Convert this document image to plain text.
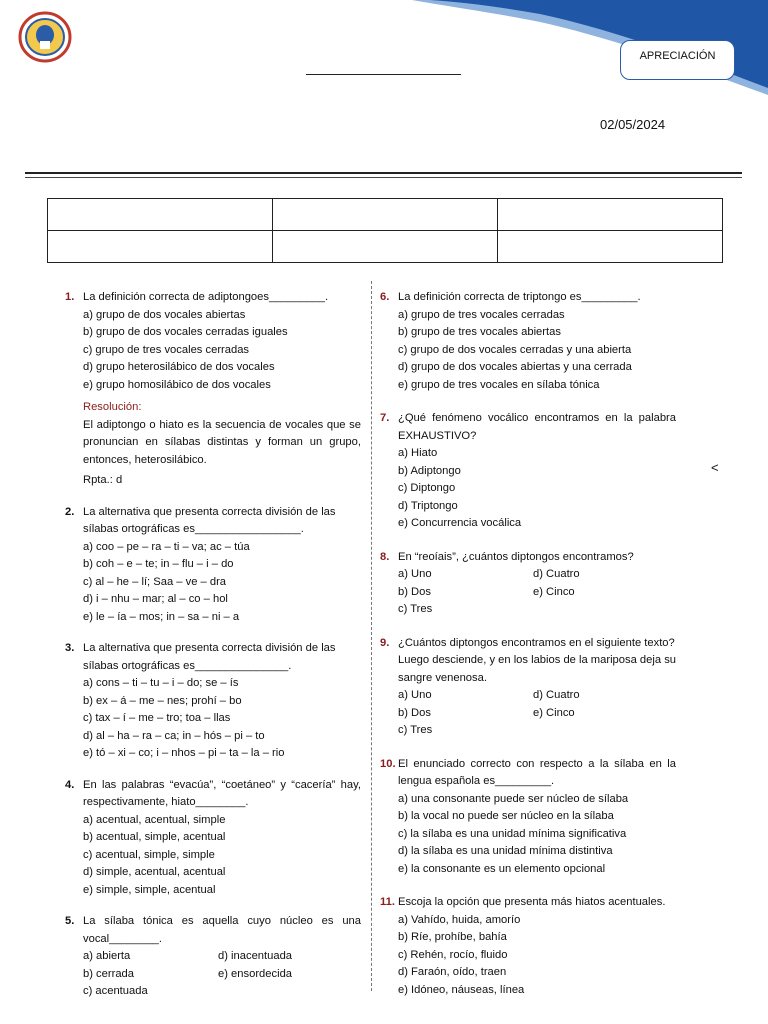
APRECIACIÓN
02/05/2024

<
1. La definición correcta de adiptongoes_________.
a) grupo de dos vocales abiertas
b) grupo de dos vocales cerradas iguales
c) grupo de tres vocales cerradas
d) grupo heterosilábico de dos vocales
e) grupo homosilábico de dos vocales
Resolución:
El adiptongo o hiato es la secuencia de vocales que se pronuncian en sílabas distintas y forman un grupo, entonces, heterosilábico.
Rpta.: d
2. La alternativa que presenta correcta división de las sílabas ortográficas es_________________.
a) coo – pe – ra – ti – va; ac – túa
b) coh – e – te; in – flu – i – do
c) al – he – lí; Saa – ve – dra
d) i – nhu – mar; al – co – hol
e) le – ía – mos; in – sa – ni – a
3. La alternativa que presenta correcta división de las sílabas ortográficas es_______________.
a) cons – ti – tu – i – do; se – ís
b) ex – á – me – nes; prohí – bo
c) tax – í – me – tro; toa – llas
d) al – ha – ra – ca; in – hós – pi – to
e) tó – xi – co; i – nhos – pi – ta – la – rio
4. En las palabras “evacúa”, “coetáneo” y “cacería” hay, respectivamente, hiato________.
a) acentual, acentual, simple
b) acentual, simple, acentual
c) acentual, simple, simple
d) simple, acentual, acentual
e) simple, simple, acentual
5. La sílaba tónica es aquella cuyo núcleo es una vocal________.
a) abierta	d) inacentuada
b) cerrada	e) ensordecida
c) acentuada
6. La definición correcta de triptongo es_________.
a) grupo de tres vocales cerradas
b) grupo de tres vocales abiertas
c) grupo de dos vocales cerradas y una abierta
d) grupo de dos vocales abiertas y una cerrada
e) grupo de tres vocales en sílaba tónica
7. ¿Qué fenómeno vocálico encontramos en la palabra EXHAUSTIVO?
a) Hiato
b) Adiptongo
c) Diptongo
d) Triptongo
e) Concurrencia vocálica
8. En “reoíais”, ¿cuántos diptongos encontramos?
a) Uno	d) Cuatro
b) Dos	e) Cinco
c) Tres
9. ¿Cuántos diptongos encontramos en el siguiente texto?
Luego desciende, y en los labios de la mariposa deja su sangre venenosa.
a) Uno	d) Cuatro
b) Dos	e) Cinco
c) Tres
10. El enunciado correcto con respecto a la sílaba en la lengua española es_________.
a) una consonante puede ser núcleo de sílaba
b) la vocal no puede ser núcleo en la sílaba
c) la sílaba es una unidad mínima significativa
d) la sílaba es una unidad mínima distintiva
e) la consonante es un elemento opcional
11. Escoja la opción que presenta más hiatos acentuales.
a) Vahído, huida, amorío
b) Ríe, prohíbe, bahía
c) Rehén, rocío, fluido
d) Faraón, oído, traen
e) Idóneo, náuseas, línea
